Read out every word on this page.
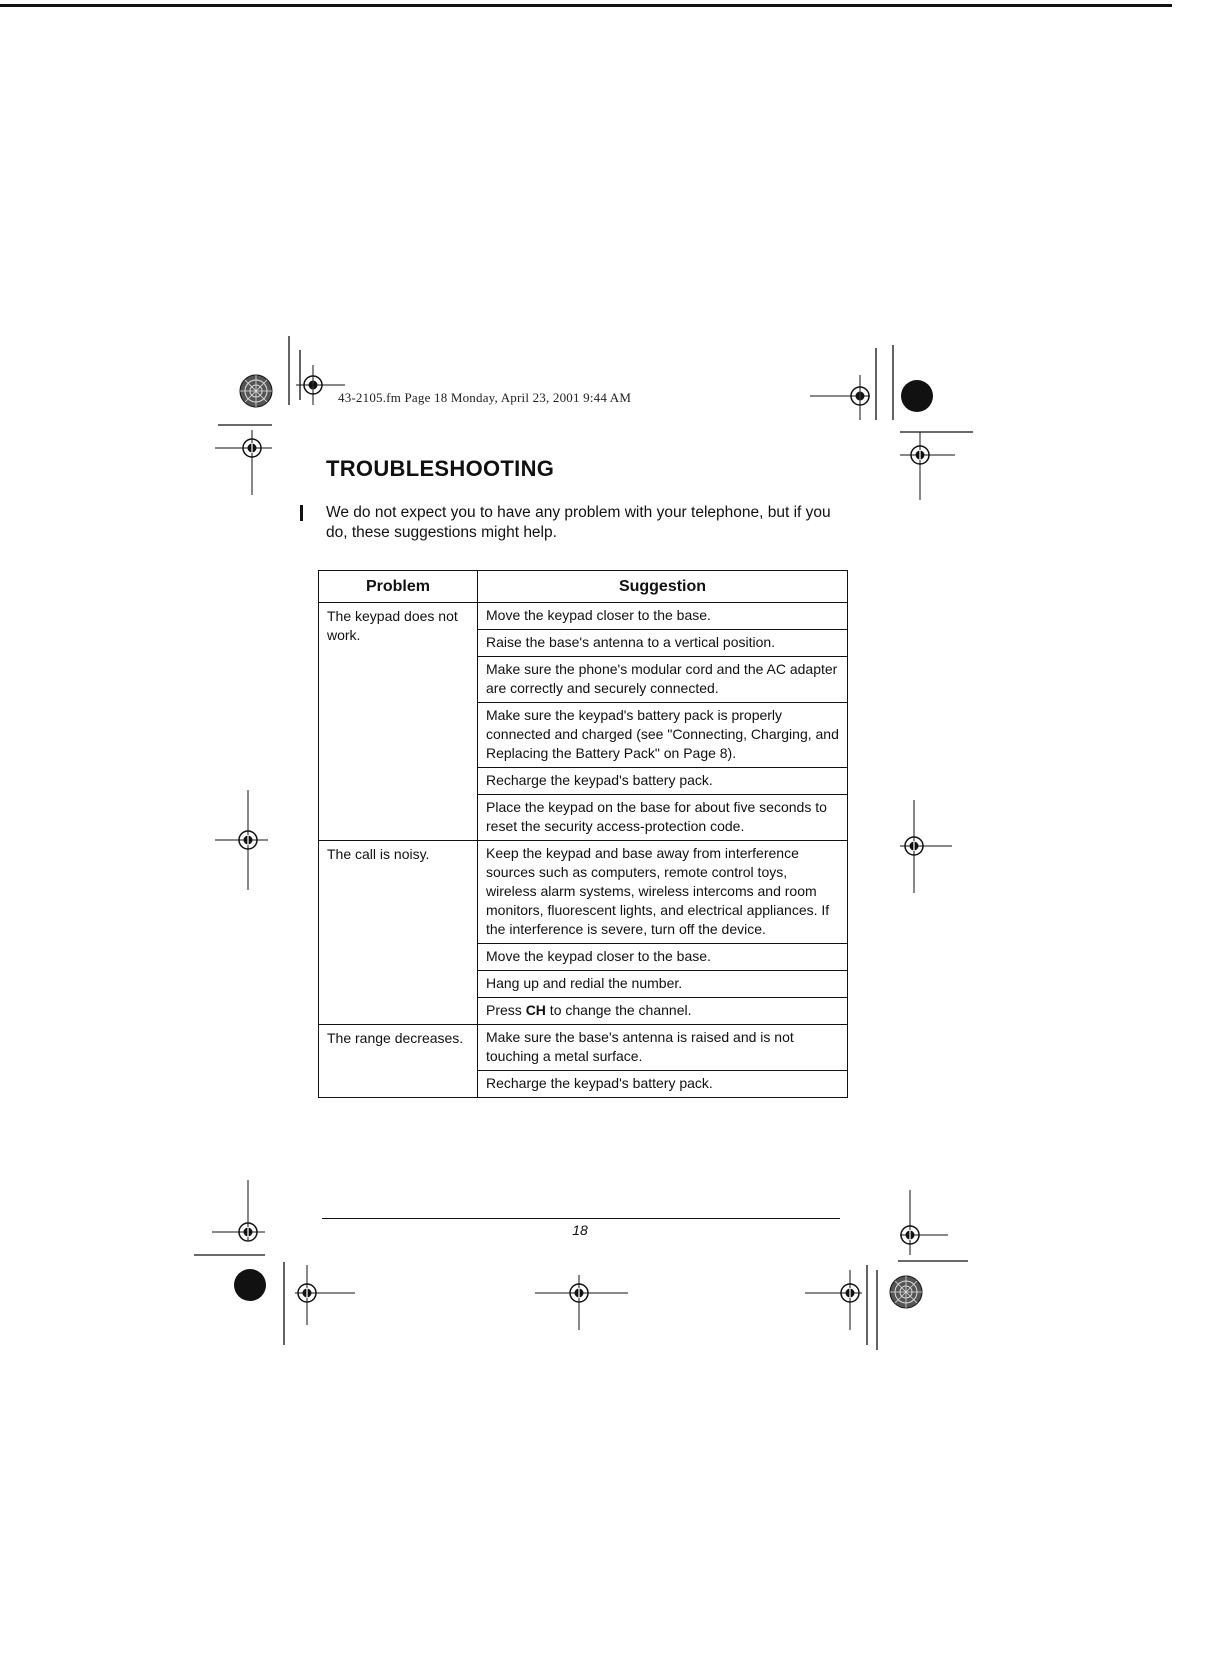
43-2105.fm Page 18 Monday, April 23, 2001 9:44 AM
TROUBLESHOOTING

We do not expect you to have any problem with your telephone, but if you do, these suggestions might help.

Problem	Suggestion
The keypad does not work.	Move the keypad closer to the base.
	Raise the base's antenna to a vertical position.
	Make sure the phone's modular cord and the AC adapter are correctly and securely connected.
	Make sure the keypad's battery pack is properly connected and charged (see "Connecting, Charging, and Replacing the Battery Pack" on Page 8).
	Recharge the keypad's battery pack.
	Place the keypad on the base for about five seconds to reset the security access-protection code.
The call is noisy.	Keep the keypad and base away from interference sources such as computers, remote control toys, wireless alarm systems, wireless intercoms and room monitors, fluorescent lights, and electrical appliances. If the interference is severe, turn off the device.
	Move the keypad closer to the base.
	Hang up and redial the number.
	Press CH to change the channel.
The range decreases.	Make sure the base's antenna is raised and is not touching a metal surface.
	Recharge the keypad's battery pack.
18
